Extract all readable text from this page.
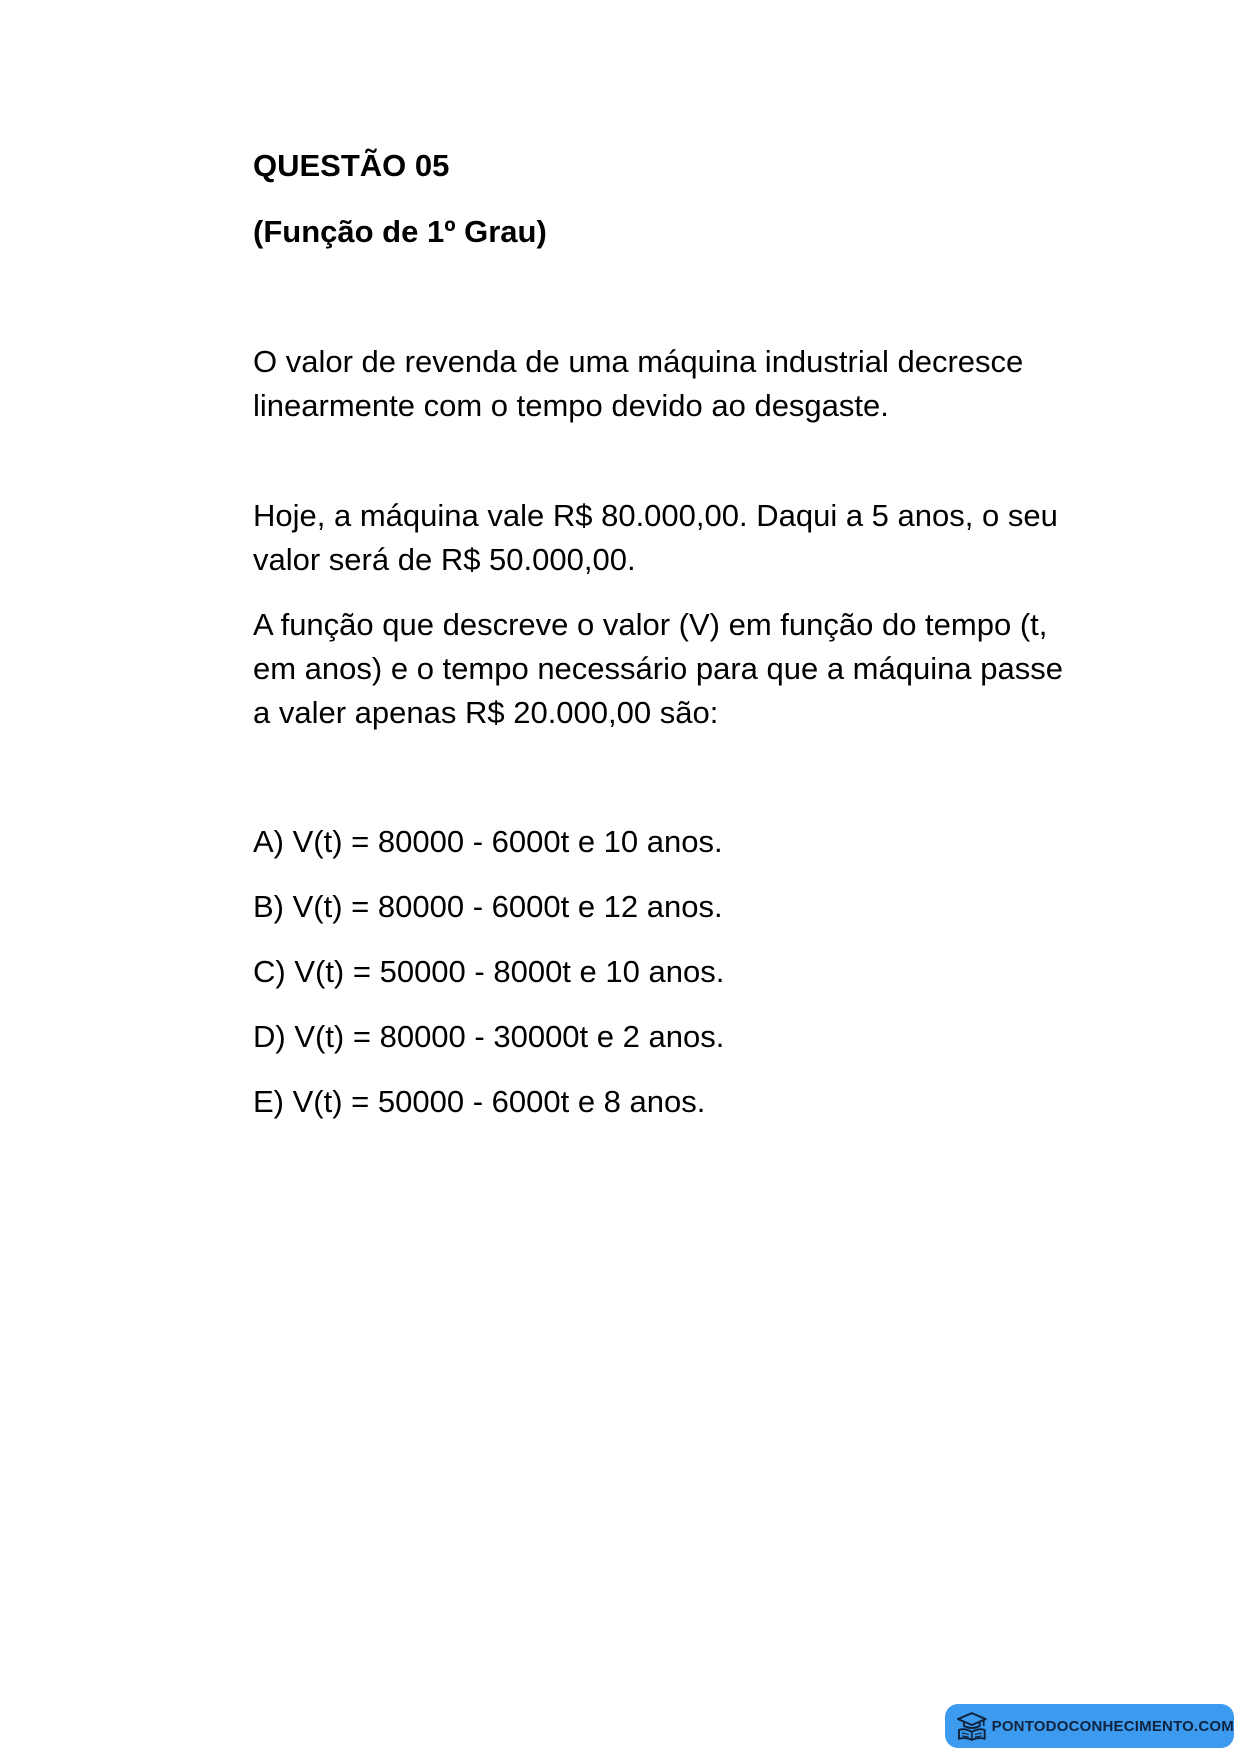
QUESTÃO 05
(Função de 1º Grau)

O valor de revenda de uma máquina industrial decresce linearmente com o tempo devido ao desgaste.

Hoje, a máquina vale R$ 80.000,00. Daqui a 5 anos, o seu valor será de R$ 50.000,00.

A função que descreve o valor (V) em função do tempo (t, em anos) e o tempo necessário para que a máquina passe a valer apenas R$ 20.000,00 são:

A) V(t) = 80000 - 6000t e 10 anos.
B) V(t) = 80000 - 6000t e 12 anos.
C) V(t) = 50000 - 8000t e 10 anos.
D) V(t) = 80000 - 30000t e 2 anos.
E) V(t) = 50000 - 6000t e 8 anos.
PONTODOCONHECIMENTO.COM
